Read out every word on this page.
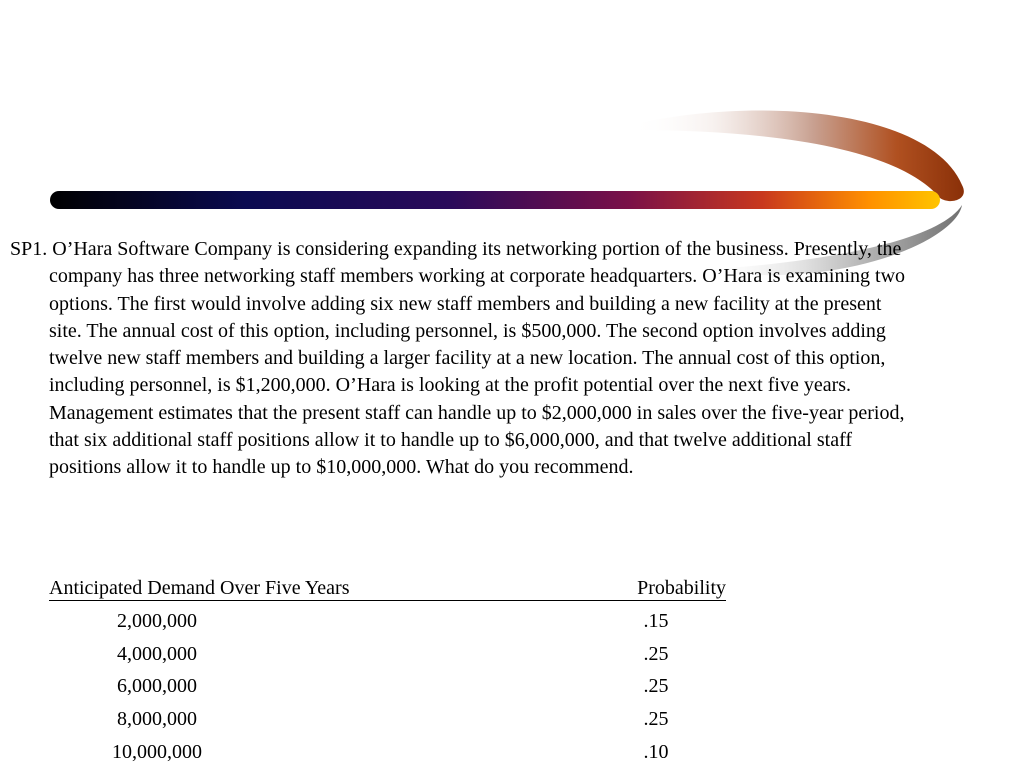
SP1. O’Hara Software Company is considering expanding its networking portion of the business. Presently, the company has three networking staff members working at corporate headquarters. O’Hara is examining two options. The first would involve adding six new staff members and building a new facility at the present site. The annual cost of this option, including personnel, is $500,000. The second option involves adding twelve new staff members and building a larger facility at a new location. The annual cost of this option, including personnel, is $1,200,000. O’Hara is looking at the profit potential over the next five years. Management estimates that the present staff can handle up to $2,000,000 in sales over the five-year period, that six additional staff positions allow it to handle up to $6,000,000, and that twelve additional staff positions allow it to handle up to $10,000,000. What do you recommend.

Anticipated Demand Over Five Years	Probability
2,000,000	.15
4,000,000	.25
6,000,000	.25
8,000,000	.25
10,000,000	.10
